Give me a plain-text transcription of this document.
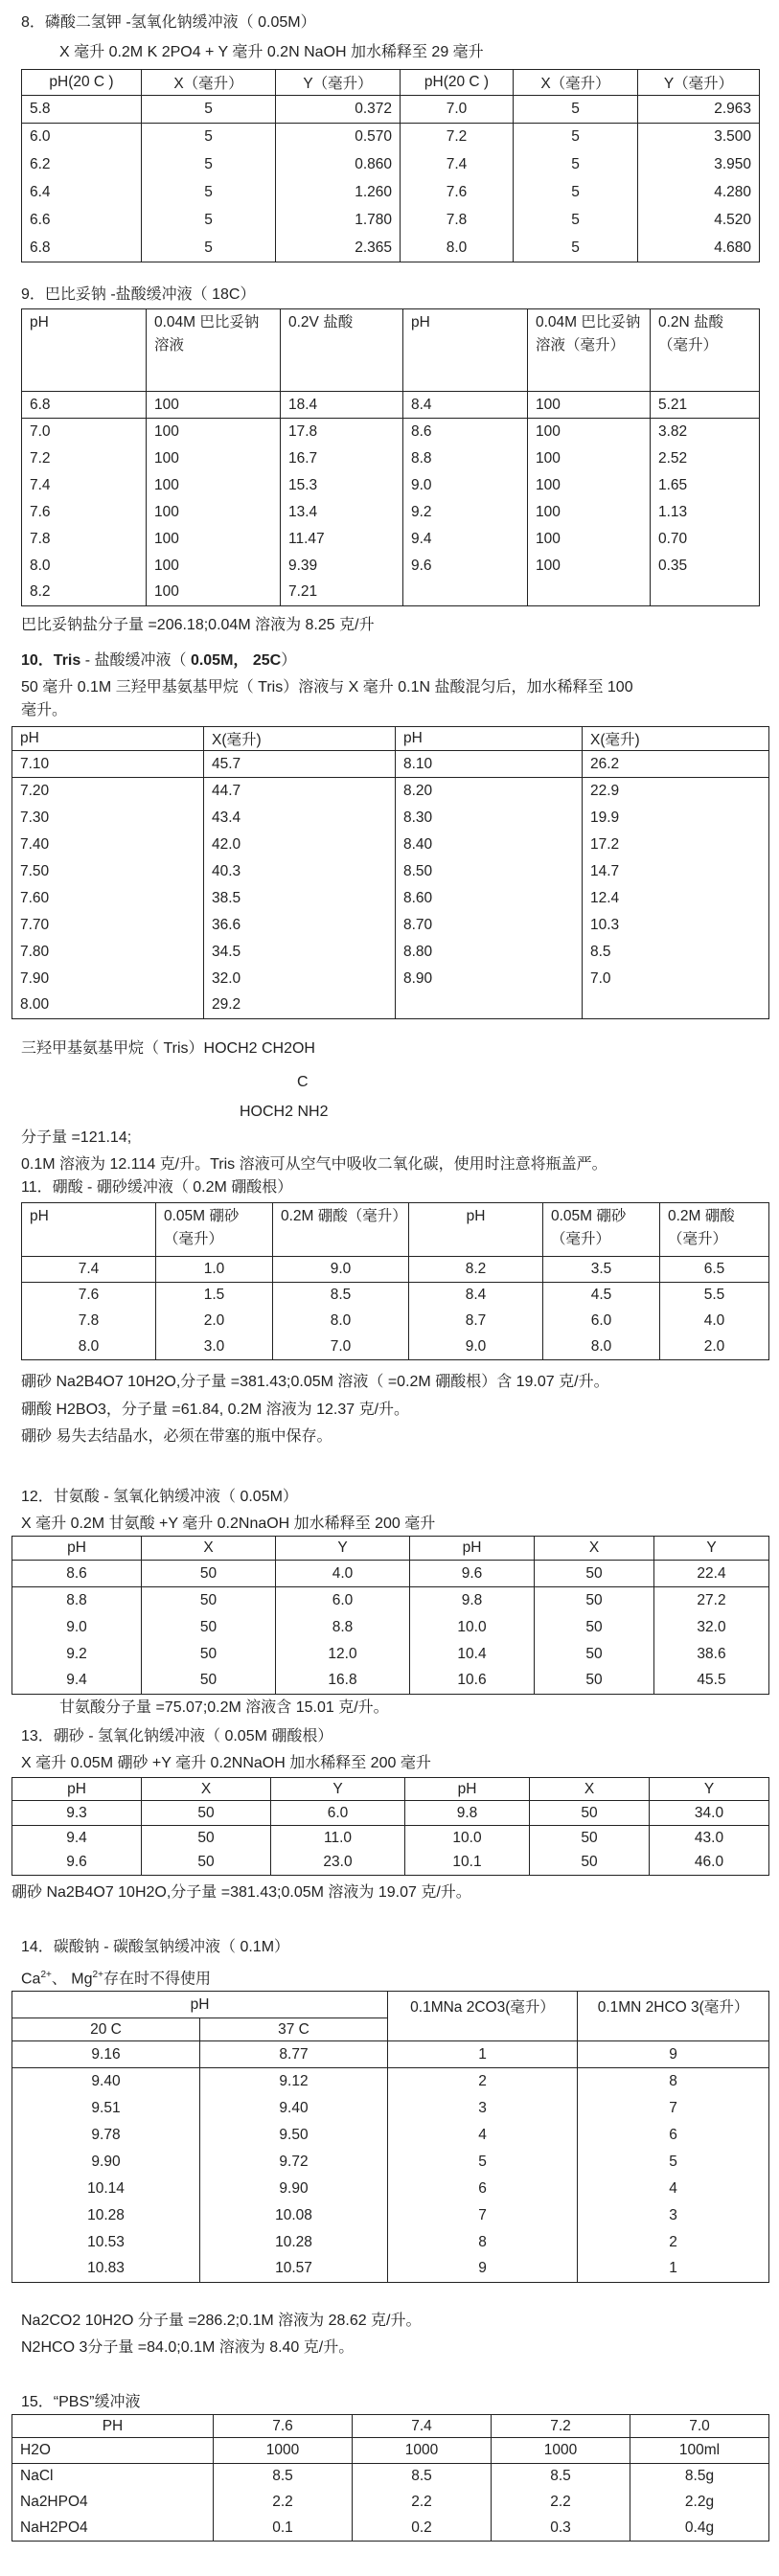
8．磷酸二氢钾 -氢氧化钠缓冲液（ 0.05M）
X 毫升 0.2M K 2PO4 + Y 毫升 0.2N NaOH 加水稀释至 29 毫升
pH(20 C )	X（毫升）	Y（毫升）	pH(20 C )	X（毫升）	Y（毫升）
5.8	5	0.372	7.0	5	2.963
6.0	5	0.570	7.2	5	3.500
6.2	5	0.860	7.4	5	3.950
6.4	5	1.260	7.6	5	4.280
6.6	5	1.780	7.8	5	4.520
6.8	5	2.365	8.0	5	4.680
9．巴比妥钠 -盐酸缓冲液（ 18C）
pH	0.04M 巴比妥钠溶液	0.2V 盐酸	pH	0.04M 巴比妥钠溶液（毫升）	0.2N 盐酸（毫升）
6.8	100	18.4	8.4	100	5.21
7.0	100	17.8	8.6	100	3.82
7.2	100	16.7	8.8	100	2.52
7.4	100	15.3	9.0	100	1.65
7.6	100	13.4	9.2	100	1.13
7.8	100	11.47	9.4	100	0.70
8.0	100	9.39	9.6	100	0.35
8.2	100	7.21			
巴比妥钠盐分子量 =206.18;0.04M 溶液为 8.25 克/升
10．Tris - 盐酸缓冲液（ 0.05M， 25C）
50 毫升 0.1M 三羟甲基氨基甲烷（ Tris）溶液与 X 毫升 0.1N 盐酸混匀后，加水稀释至 100
毫升。
pH	X(毫升)	pH	X(毫升)
7.10	45.7	8.10	26.2
7.20	44.7	8.20	22.9
7.30	43.4	8.30	19.9
7.40	42.0	8.40	17.2
7.50	40.3	8.50	14.7
7.60	38.5	8.60	12.4
7.70	36.6	8.70	10.3
7.80	34.5	8.80	8.5
7.90	32.0	8.90	7.0
8.00	29.2		
三羟甲基氨基甲烷（ Tris）HOCH2 CH2OH
C
HOCH2 NH2
分子量 =121.14;
0.1M 溶液为 12.114 克/升。Tris 溶液可从空气中吸收二氧化碳，使用时注意将瓶盖严。
11．硼酸 - 硼砂缓冲液（ 0.2M 硼酸根）
pH	0.05M 硼砂（毫升）	0.2M 硼酸（毫升）	pH	0.05M 硼砂（毫升）	0.2M 硼酸（毫升）
7.4	1.0	9.0	8.2	3.5	6.5
7.6	1.5	8.5	8.4	4.5	5.5
7.8	2.0	8.0	8.7	6.0	4.0
8.0	3.0	7.0	9.0	8.0	2.0
硼砂 Na2B4O7 10H2O,分子量 =381.43;0.05M 溶液（ =0.2M 硼酸根）含 19.07 克/升。
硼酸 H2BO3，分子量 =61.84, 0.2M 溶液为 12.37 克/升。
硼砂 易失去结晶水，必须在带塞的瓶中保存。
12．甘氨酸 - 氢氧化钠缓冲液（ 0.05M）
X 毫升 0.2M 甘氨酸 +Y 毫升 0.2NnaOH 加水稀释至 200 毫升
pH	X	Y	pH	X	Y
8.6	50	4.0	9.6	50	22.4
8.8	50	6.0	9.8	50	27.2
9.0	50	8.8	10.0	50	32.0
9.2	50	12.0	10.4	50	38.6
9.4	50	16.8	10.6	50	45.5
甘氨酸分子量 =75.07;0.2M 溶液含 15.01 克/升。
13．硼砂 - 氢氧化钠缓冲液（ 0.05M 硼酸根）
X 毫升 0.05M 硼砂 +Y 毫升 0.2NNaOH 加水稀释至 200 毫升
pH	X	Y	pH	X	Y
9.3	50	6.0	9.8	50	34.0
9.4	50	11.0	10.0	50	43.0
9.6	50	23.0	10.1	50	46.0
硼砂 Na2B4O7 10H2O,分子量 =381.43;0.05M 溶液为 19.07 克/升。
14．碳酸钠 - 碳酸氢钠缓冲液（ 0.1M）
$Ca^{2+}$、 $Mg^{2+}$存在时不得使用
pH		0.1MNa 2CO3(毫升）	0.1MN 2HCO 3(毫升）
20 C	37 C		
9.16	8.77	1	9
9.40	9.12	2	8
9.51	9.40	3	7
9.78	9.50	4	6
9.90	9.72	5	5
10.14	9.90	6	4
10.28	10.08	7	3
10.53	10.28	8	2
10.83	10.57	9	1
Na2CO2 10H2O 分子量 =286.2;0.1M 溶液为 28.62 克/升。
N2HCO 3分子量 =84.0;0.1M 溶液为 8.40 克/升。
15．“PBS”缓冲液
PH	7.6	7.4	7.2	7.0
H2O	1000	1000	1000	100ml
NaCl	8.5	8.5	8.5	8.5g
Na2HPO4	2.2	2.2	2.2	2.2g
NaH2PO4	0.1	0.2	0.3	0.4g
